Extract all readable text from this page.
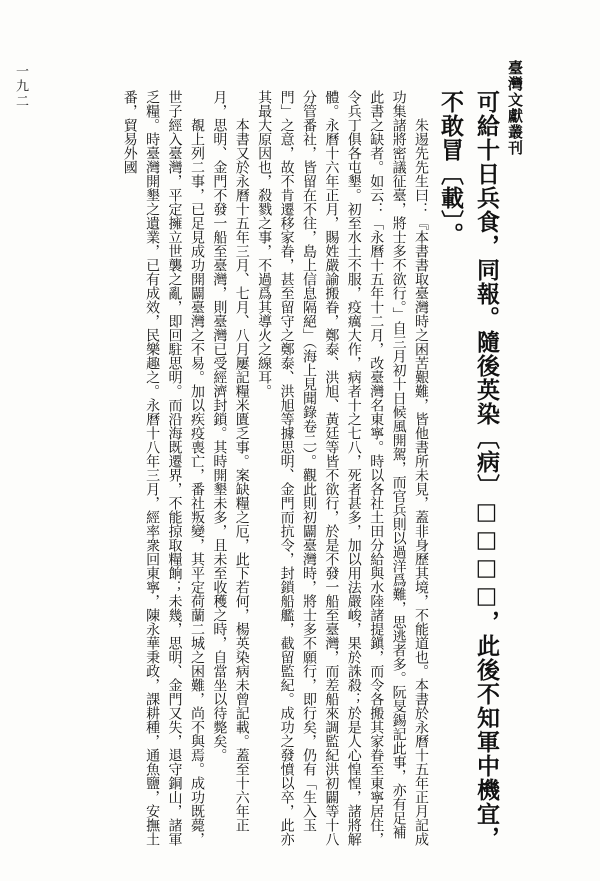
臺灣文獻叢刊
一九二

可給十日兵食，同報。隨後英染〔病〕□□□□，此後不知軍中機宜，不敢冒〔載〕。

朱逷先先生曰：『本書書取臺灣時之困苦艱難，皆他書所未見，蓋非身歷其境，不能道也。本書於永曆十五年正月記成功集諸將密議征臺，將士多不欲行。」自三月初十日候風開駕，而官兵則以過洋爲難，思逃者多。阮旻錫記此事，亦有足補此書之缺者。如云：「永曆十五年十二月，改臺灣名東寧。時以各社土田分給與水陸諸提鎭，而令各搬其家眷至東寧居住，令兵丁俱各屯墾。初至水土不服，疫癘大作，病者十之七八，死者甚多，加以用法嚴峻，果於誅殺；於是人心惶惶，諸將解體。永曆十六年正月，賜姓嚴諭搬眷，鄭泰、洪旭、黃廷等皆不欲行，於是不發一船至臺灣，而差船來調監紀洪初闢等十八分管番社，皆留在不往，島上信息隔絕」（海上見聞錄卷二）。觀此則初闢臺灣時，將士多不願行，即行矣，仍有「生入玉門」之意，故不肯遷移家眷，甚至留守之鄭泰、洪旭等據思明、金門而抗令，封鎖船艦，截留監紀。成功之發憤以卒，此亦其最大原因也，殺戮之事，不過爲其導火之線耳。

本書又於永曆十五年三月、七月、八月屢記糧米匱乏事。案缺糧之厄，此下若何，楊英染病未曾記載。蓋至十六年正月，思明、金門不發一船至臺灣，則臺灣已受經濟封鎖。其時開墾未多，且未至收穫之時，自當坐以待斃矣。

覩上列二事，已足見成功開闢臺灣之不易。加以疾疫喪亡，番社叛變，其平定荷蘭二城之困難，尚不與焉。成功既薨，世子經入臺灣，平定擁立世襲之亂，即回駐思明。而沿海既遷界，不能掠取糧餉；未幾，思明、金門又失，退守銅山，諸軍乏糧。時臺灣開墾之遺業，已有成效，民樂趣之。永曆十八年三月，經率衆回東寧，陳永華秉政，課耕種，通魚鹽，安撫土番，貿易外國
